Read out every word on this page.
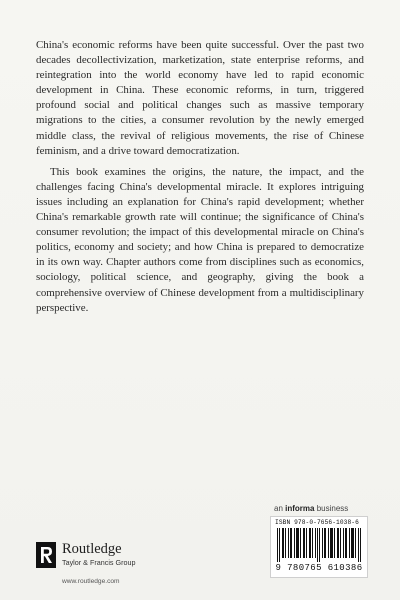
China's economic reforms have been quite successful. Over the past two decades decollectivization, marketization, state enterprise reforms, and reintegration into the world economy have led to rapid economic development in China. These economic reforms, in turn, triggered profound social and political changes such as massive temporary migrations to the cities, a consumer revolution by the newly emerged middle class, the revival of religious movements, the rise of Chinese feminism, and a drive toward democratization.

This book examines the origins, the nature, the impact, and the challenges facing China's developmental miracle. It explores intriguing issues including an explanation for China's rapid development; whether China's remarkable growth rate will continue; the significance of China's consumer revolution; the impact of this developmental miracle on China's politics, economy and society; and how China is prepared to democratize in its own way. Chapter authors come from disciplines such as economics, sociology, political science, and geography, giving the book a comprehensive overview of Chinese development from a multidisciplinary perspective.

an informa business
ISBN 978-0-7656-1038-6
9 780765 610386
Routledge
Taylor & Francis Group
www.routledge.com
